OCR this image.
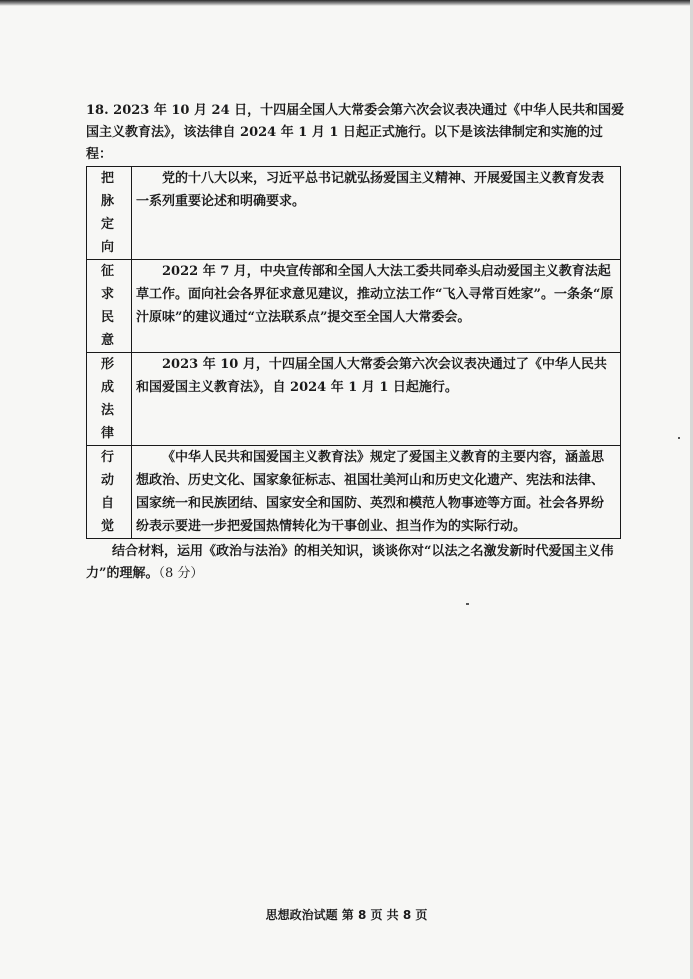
18. 2023 年 10 月 24 日，十四届全国人大常委会第六次会议表决通过《中华人民共和国爱国主义教育法》，该法律自 2024 年 1 月 1 日起正式施行。以下是该法律制定和实施的过程：

把脉定向	党的十八大以来，习近平总书记就弘扬爱国主义精神、开展爱国主义教育发表一系列重要论述和明确要求。
征求民意	2022 年 7 月，中央宣传部和全国人大法工委共同牵头启动爱国主义教育法起草工作。面向社会各界征求意见建议，推动立法工作“飞入寻常百姓家”。一条条“原汁原味”的建议通过“立法联系点”提交至全国人大常委会。
形成法律	2023 年 10 月，十四届全国人大常委会第六次会议表决通过了《中华人民共和国爱国主义教育法》，自 2024 年 1 月 1 日起施行。
行动自觉	《中华人民共和国爱国主义教育法》规定了爱国主义教育的主要内容，涵盖思想政治、历史文化、国家象征标志、祖国壮美河山和历史文化遗产、宪法和法律、国家统一和民族团结、国家安全和国防、英烈和模范人物事迹等方面。社会各界纷纷表示要进一步把爱国热情转化为干事创业、担当作为的实际行动。

结合材料，运用《政治与法治》的相关知识，谈谈你对“以法之名激发新时代爱国主义伟力”的理解。（8 分）

思想政治试题 第 8 页 共 8 页
